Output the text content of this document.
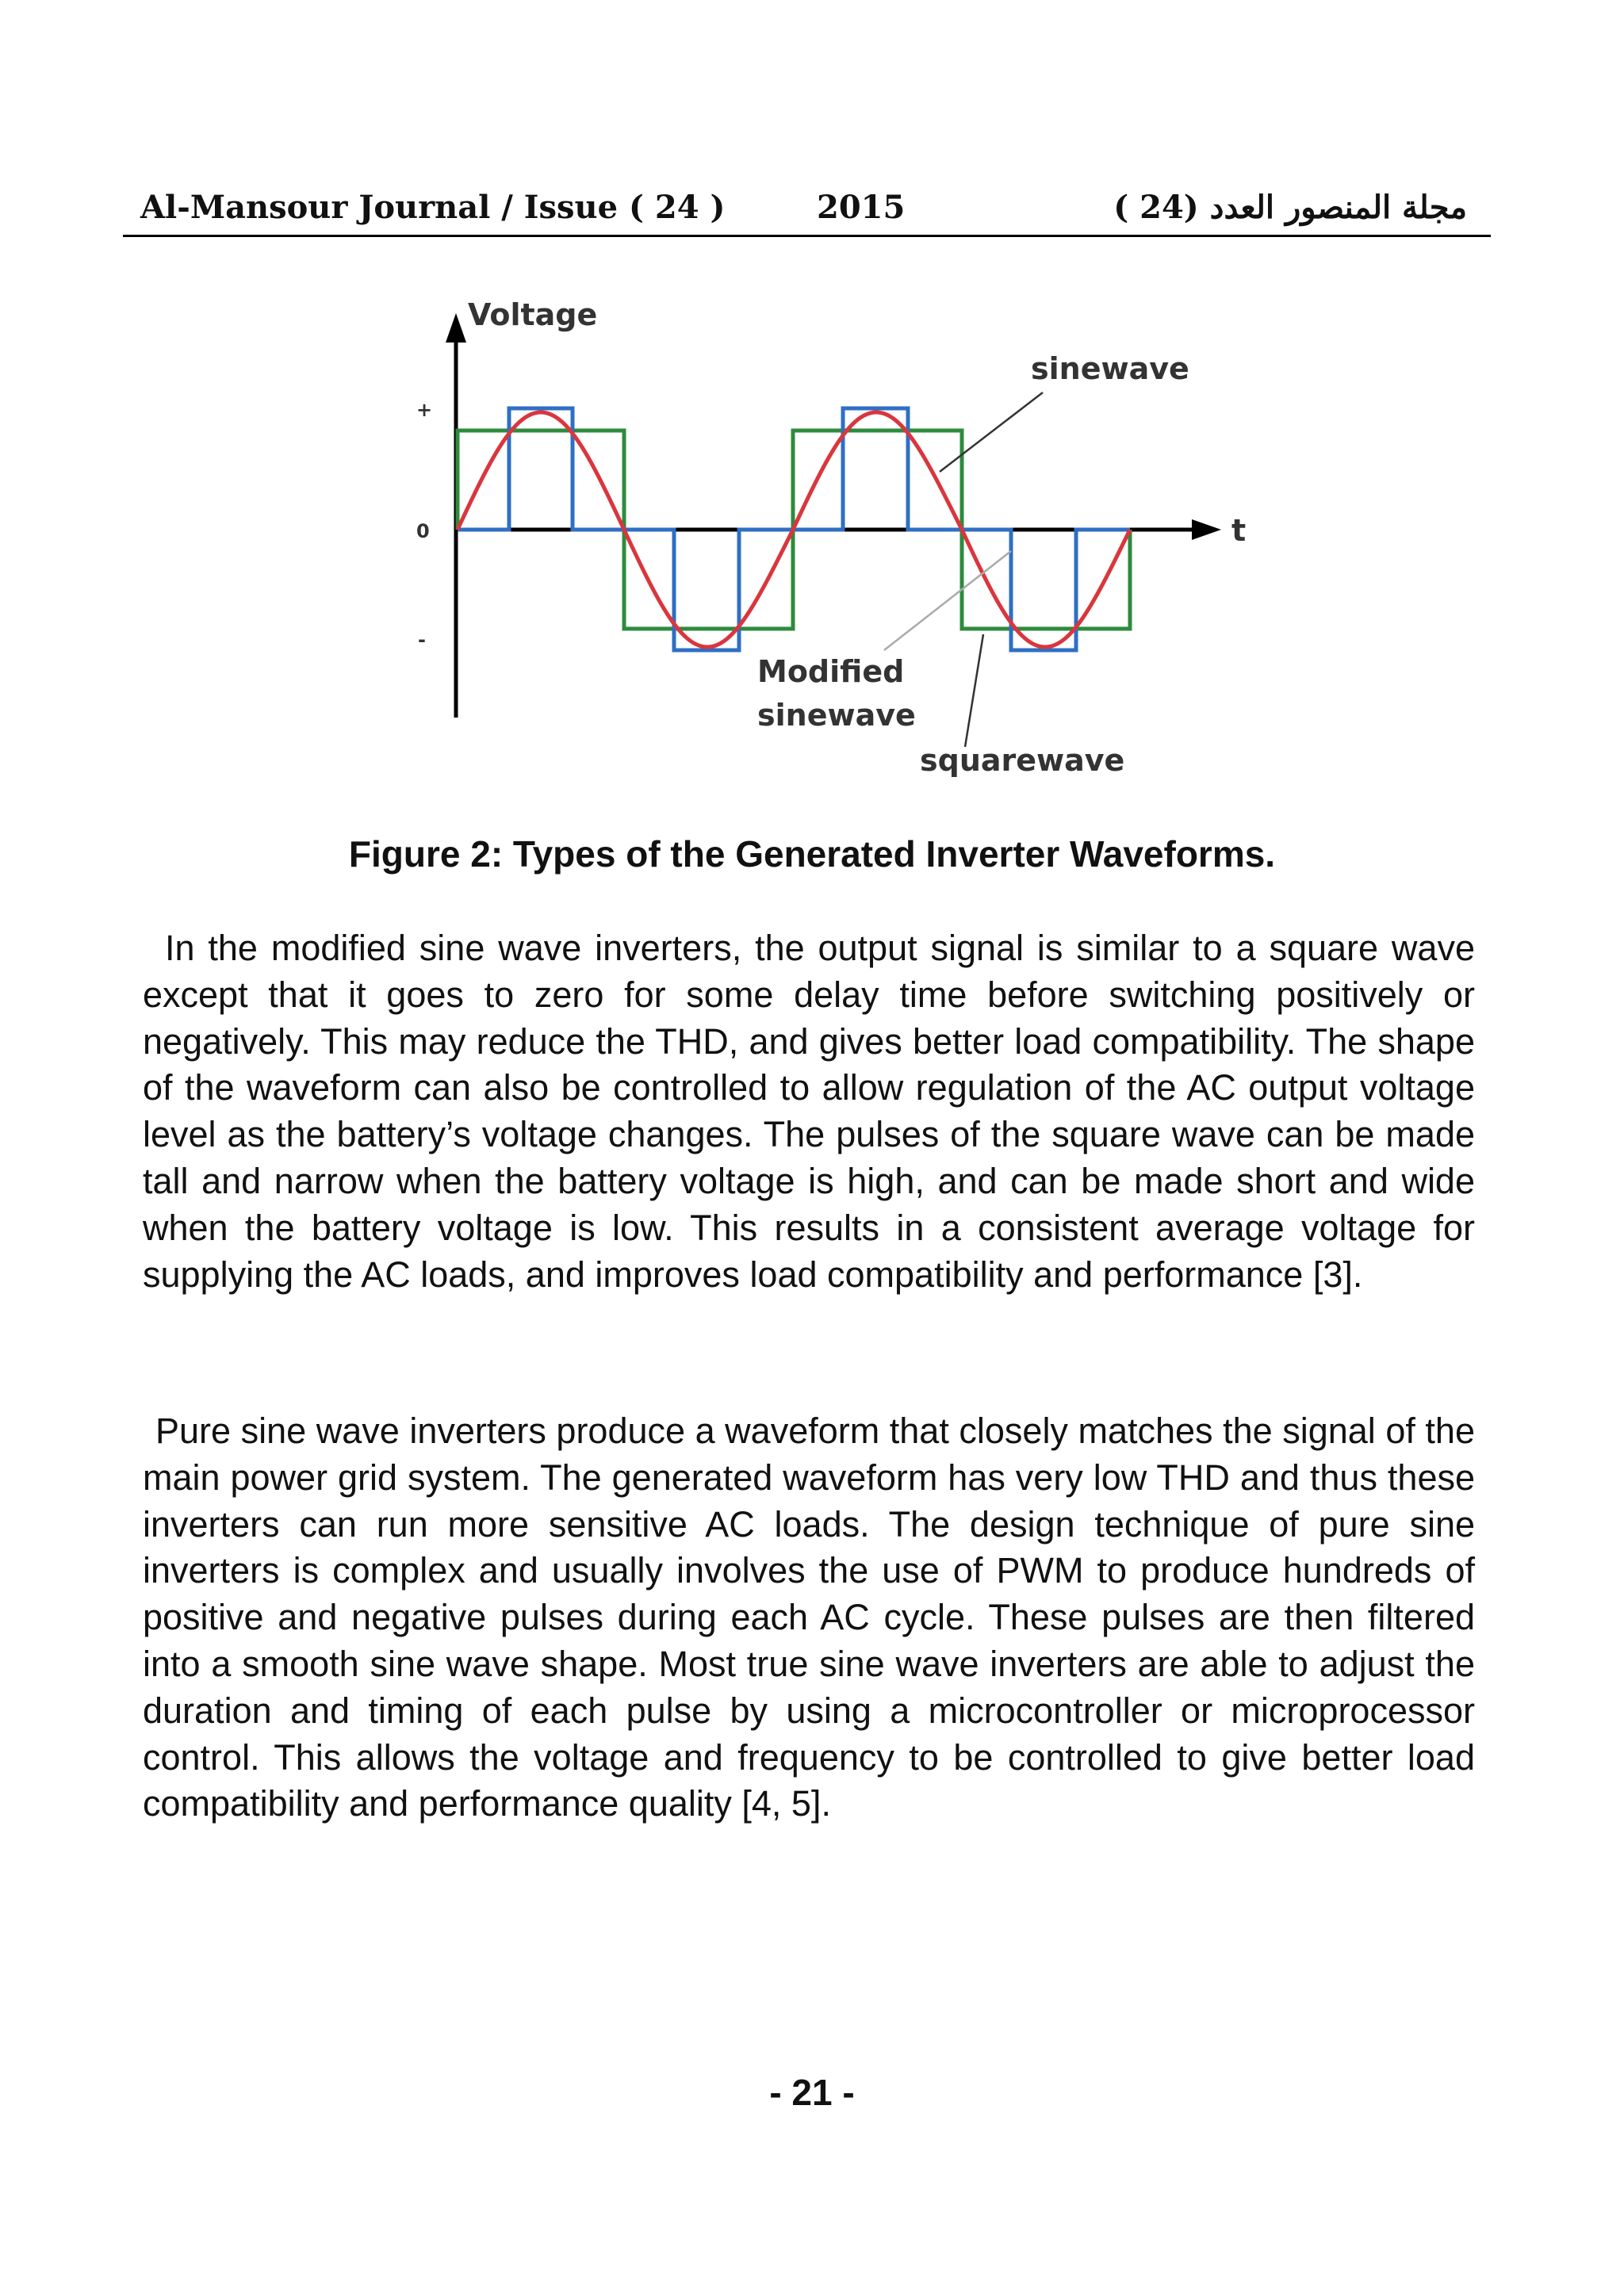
Al-Mansour Journal / Issue ( 24 )	2015	مجلة المنصور العدد (24 )
Voltage
t
+
0
-
sinewave
Modified
sinewave
squarewave
Figure 2: Types of the Generated Inverter Waveforms.

In the modified sine wave inverters, the output signal is similar to a square wave except that it goes to zero for some delay time before switching positively or negatively. This may reduce the THD, and gives better load compatibility. The shape of the waveform can also be controlled to allow regulation of the AC output voltage level as the battery’s voltage changes. The pulses of the square wave can be made tall and narrow when the battery voltage is high, and can be made short and wide when the battery voltage is low. This results in a consistent average voltage for supplying the AC loads, and improves load compatibility and performance [3].

Pure sine wave inverters produce a waveform that closely matches the signal of the main power grid system. The generated waveform has very low THD and thus these inverters can run more sensitive AC loads. The design technique of pure sine inverters is complex and usually involves the use of PWM to produce hundreds of positive and negative pulses during each AC cycle. These pulses are then filtered into a smooth sine wave shape. Most true sine wave inverters are able to adjust the duration and timing of each pulse by using a microcontroller or microprocessor control. This allows the voltage and frequency to be controlled to give better load compatibility and performance quality [4, 5].

- 21 -
